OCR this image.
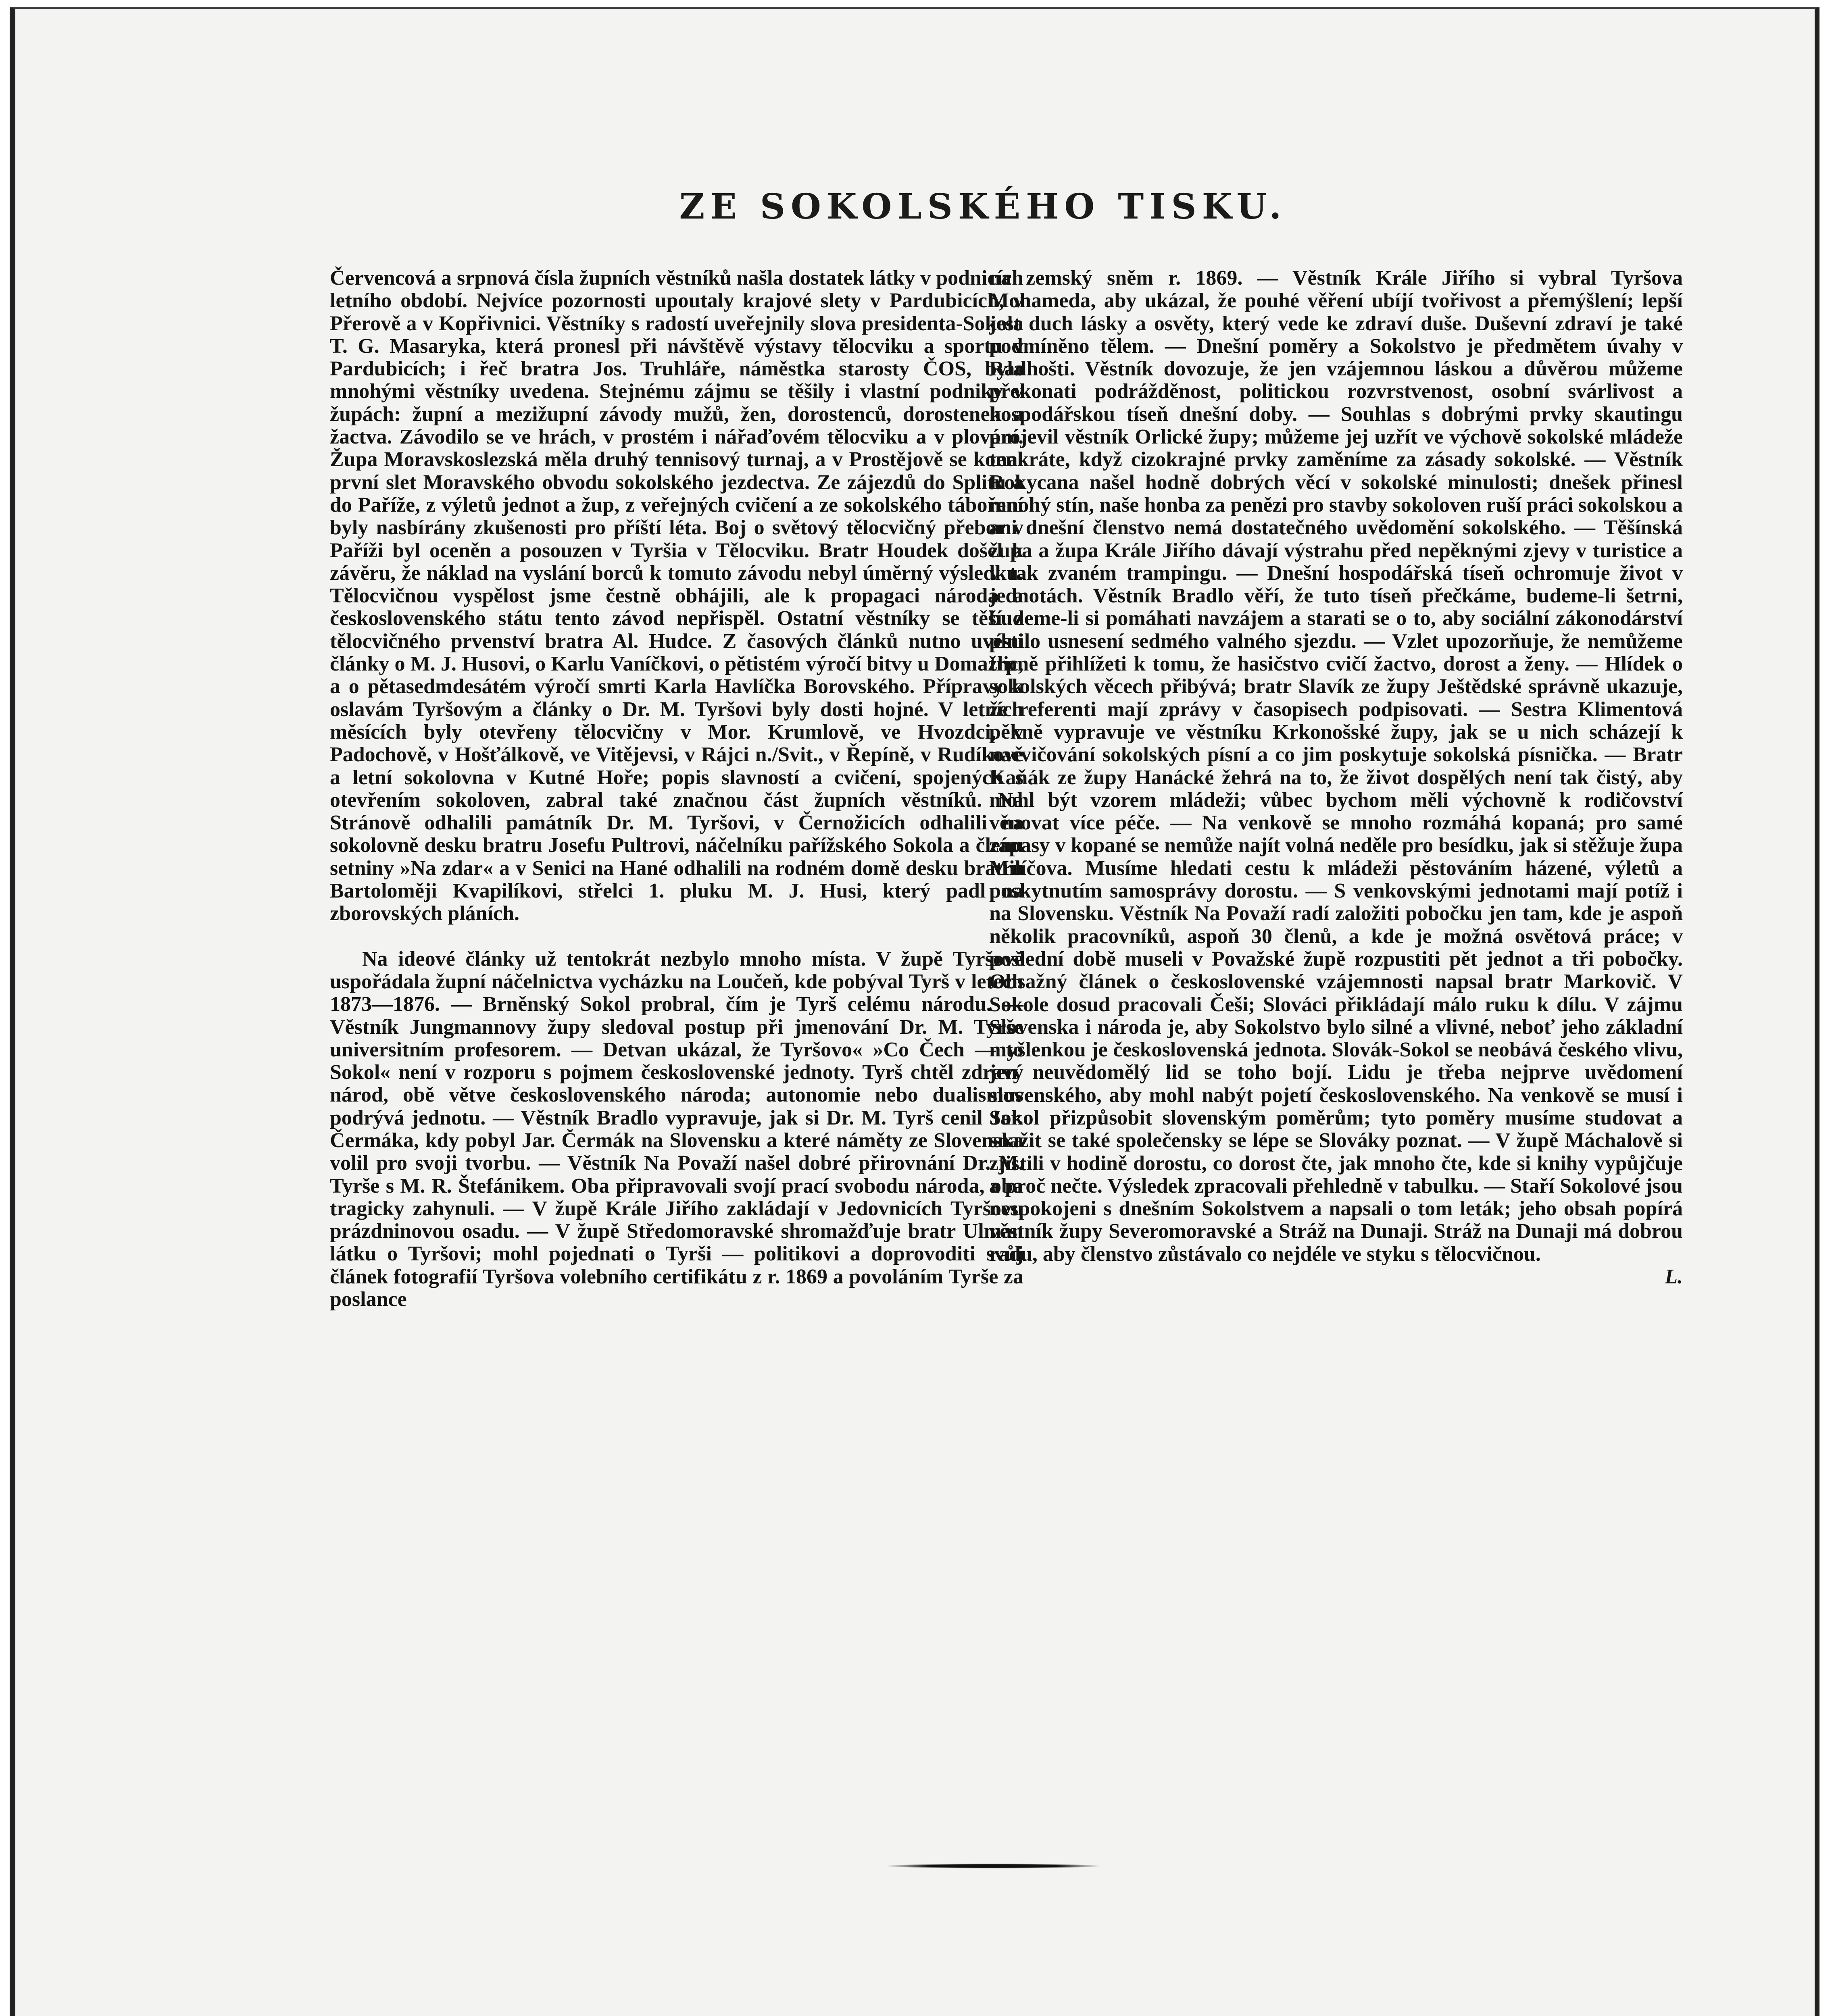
ZE SOKOLSKÉHO TISKU.

Červencová a srpnová čísla župních věstníků našla dostatek látky v podnicích letního období. Nejvíce pozornosti upoutaly krajové slety v Pardubicích, v Přerově a v Kopřivnici. Věstníky s radostí uveřejnily slova presidenta-Sokola T. G. Masaryka, která pronesl při návštěvě výstavy tělocviku a sportu v Pardubicích; i řeč bratra Jos. Truhláře, náměstka starosty ČOS, byla mnohými věstníky uvedena. Stejnému zájmu se těšily i vlastní podniky v župách: župní a mezižupní závody mužů, žen, dorostenců, dorostenek a žactva. Závodilo se ve hrách, v prostém i nářaďovém tělocviku a v plování. Župa Moravskoslezská měla druhý tennisový turnaj, a v Prostějově se konal první slet Moravského obvodu sokolského jezdectva. Ze zájezdů do Splitu a do Paříže, z výletů jednot a žup, z veřejných cvičení a ze sokolského táboření byly nasbírány zkušenosti pro příští léta. Boj o světový tělocvičný přebor v Paříži byl oceněn a posouzen v Tyršia v Tělocviku. Bratr Houdek došel k závěru, že náklad na vyslání borců k tomuto závodu nebyl úměrný výsledku. Tělocvičnou vyspělost jsme čestně obhájili, ale k propagaci národa a československého státu tento závod nepřispěl. Ostatní věstníky se těší z tělocvičného prvenství bratra Al. Hudce. Z časových článků nutno uvésti články o M. J. Husovi, o Karlu Vaníčkovi, o pětistém výročí bitvy u Domažlic, a o pětasedmdesátém výročí smrti Karla Havlíčka Borovského. Přípravy k oslavám Tyršovým a články o Dr. M. Tyršovi byly dosti hojné. V letních měsících byly otevřeny tělocvičny v Mor. Krumlově, ve Hvozdci, v Padochově, v Hošťálkově, ve Vitějevsi, v Rájci n./Svit., v Řepíně, v Rudíkově a letní sokolovna v Kutné Hoře; popis slavností a cvičení, spojených s otevřením sokoloven, zabral také značnou část župních věstníků. Na Stránově odhalili památník Dr. M. Tyršovi, v Černožicích odhalili na sokolovně desku bratru Josefu Pultrovi, náčelníku pařížského Sokola a členu setniny »Na zdar« a v Senici na Hané odhalili na rodném domě desku bratru Bartoloměji Kvapilíkovi, střelci 1. pluku M. J. Husi, který padl na zborovských pláních.

Na ideové články už tentokrát nezbylo mnoho místa. V župě Tyršově uspořádala župní náčelnictva vycházku na Loučeň, kde pobýval Tyrš v letech 1873—1876. — Brněnský Sokol probral, čím je Tyrš celému národu. — Věstník Jungmannovy župy sledoval postup při jmenování Dr. M. Tyrše universitním profesorem. — Detvan ukázal, že Tyršovo« »Co Čech — to Sokol« není v rozporu s pojmem československé jednoty. Tyrš chtěl zdravý národ, obě větve československého národa; autonomie nebo dualismus podrývá jednotu. — Věstník Bradlo vypravuje, jak si Dr. M. Tyrš cenil Jar. Čermáka, kdy pobyl Jar. Čermák na Slovensku a které náměty ze Slovenska volil pro svoji tvorbu. — Věstník Na Považí našel dobré přirovnání Dr. M. Tyrše s M. R. Štefánikem. Oba připravovali svojí prací svobodu národa, oba tragicky zahynuli. — V župě Krále Jiřího zakládají v Jedovnicích Tyršovu prázdninovou osadu. — V župě Středomoravské shromažďuje bratr Ulman látku o Tyršovi; mohl pojednati o Tyrši — politikovi a doprovoditi svůj článek fotografií Tyršova volebního certifikátu z r. 1869 a povoláním Tyrše za poslance

na zemský sněm r. 1869. — Věstník Krále Jiřího si vybral Tyršova Mohameda, aby ukázal, že pouhé věření ubíjí tvořivost a přemýšlení; lepší jest duch lásky a osvěty, který vede ke zdraví duše. Duševní zdraví je také podmíněno tělem. — Dnešní poměry a Sokolstvo je předmětem úvahy v Radhošti. Věstník dovozuje, že jen vzájemnou láskou a důvěrou můžeme překonati podrážděnost, politickou rozvrstvenost, osobní svárlivost a hospodářskou tíseň dnešní doby. — Souhlas s dobrými prvky skautingu projevil věstník Orlické župy; můžeme jej uzřít ve výchově sokolské mládeže tenkráte, když cizokrajné prvky zaměníme za zásady sokolské. — Věstník Rokycana našel hodně dobrých věcí v sokolské minulosti; dnešek přinesl mnohý stín, naše honba za penězi pro stavby sokoloven ruší práci sokolskou a ani dnešní členstvo nemá dostatečného uvědomění sokolského. — Těšínská župa a župa Krále Jiřího dávají výstrahu před nepěknými zjevy v turistice a v tak zvaném trampingu. — Dnešní hospodářská tíseň ochromuje život v jednotách. Věstník Bradlo věří, že tuto tíseň přečkáme, budeme-li šetrni, budeme-li si pomáhati navzájem a starati se o to, aby sociální zákonodárství plnilo usnesení sedmého valného sjezdu. — Vzlet upozorňuje, že nemůžeme trpně přihlížeti k tomu, že hasičstvo cvičí žactvo, dorost a ženy. — Hlídek o sokolských věcech přibývá; bratr Slavík ze župy Ještědské správně ukazuje, že referenti mají zprávy v časopisech podpisovati. — Sestra Klimentová pěkně vypravuje ve věstníku Krkonošské župy, jak se u nich scházejí k nacvičování sokolských písní a co jim poskytuje sokolská písnička. — Bratr Kaňák ze župy Hanácké žehrá na to, že život dospělých není tak čistý, aby mohl být vzorem mládeži; vůbec bychom měli výchovně k rodičovství věnovat více péče. — Na venkově se mnoho rozmáhá kopaná; pro samé zápasy v kopané se nemůže najít volná neděle pro besídku, jak si stěžuje župa Milíčova. Musíme hledati cestu k mládeži pěstováním házené, výletů a poskytnutím samosprávy dorostu. — S venkovskými jednotami mají potíž i na Slovensku. Věstník Na Považí radí založiti pobočku jen tam, kde je aspoň několik pracovníků, aspoň 30 členů, a kde je možná osvětová práce; v poslední době museli v Považské župě rozpustiti pět jednot a tři pobočky. Obsažný článek o československé vzájemnosti napsal bratr Markovič. V Sokole dosud pracovali Češi; Slováci přikládají málo ruku k dílu. V zájmu Slovenska i národa je, aby Sokolstvo bylo silné a vlivné, neboť jeho základní myšlenkou je československá jednota. Slovák-Sokol se neobává českého vlivu, jen neuvědomělý lid se toho bojí. Lidu je třeba nejprve uvědomení slovenského, aby mohl nabýt pojetí československého. Na venkově se musí i Sokol přizpůsobit slovenským poměrům; tyto poměry musíme studovat a snažit se také společensky se lépe se Slováky poznat. — V župě Máchalově si zjistili v hodině dorostu, co dorost čte, jak mnoho čte, kde si knihy vypůjčuje a proč nečte. Výsledek zpracovali přehledně v tabulku. — Staří Sokolové jsou nespokojeni s dnešním Sokolstvem a napsali o tom leták; jeho obsah popírá věstník župy Severomoravské a Stráž na Dunaji. Stráž na Dunaji má dobrou radu, aby členstvo zůstávalo co nejdéle ve styku s tělocvičnou.

L.
